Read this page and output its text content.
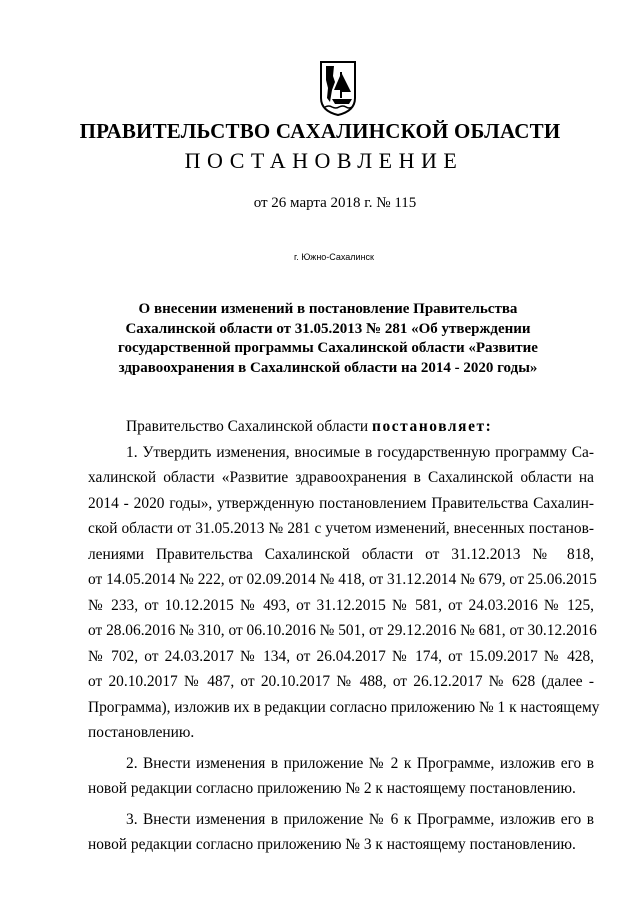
ПРАВИТЕЛЬСТВО САХАЛИНСКОЙ ОБЛАСТИ
ПОСТАНОВЛЕНИЕ
от 26 марта 2018 г. № 115
г. Южно-Сахалинск
О внесении изменений в постановление Правительства
Сахалинской области от 31.05.2013 № 281 «Об утверждении
государственной программы Сахалинской области «Развитие
здравоохранения в Сахалинской области на 2014 - 2020 годы»
Правительство Сахалинской области постановляет:
1. Утвердить изменения, вносимые в государственную программу Са-
халинской области «Развитие здравоохранения в Сахалинской области на
2014 - 2020 годы», утвержденную постановлением Правительства Сахалин-
ской области от 31.05.2013 № 281 с учетом изменений, внесенных постанов-
лениями Правительства Сахалинской области от 31.12.2013 № 818,
от 14.05.2014 № 222, от 02.09.2014 № 418, от 31.12.2014 № 679, от 25.06.2015
№ 233, от 10.12.2015 № 493, от 31.12.2015 № 581, от 24.03.2016 № 125,
от 28.06.2016 № 310, от 06.10.2016 № 501, от 29.12.2016 № 681, от 30.12.2016
№ 702, от 24.03.2017 № 134, от 26.04.2017 № 174, от 15.09.2017 № 428,
от 20.10.2017 № 487, от 20.10.2017 № 488, от 26.12.2017 № 628 (далее -
Программа), изложив их в редакции согласно приложению № 1 к настоящему
постановлению.
2. Внести изменения в приложение № 2 к Программе, изложив его в
новой редакции согласно приложению № 2 к настоящему постановлению.
3. Внести изменения в приложение № 6 к Программе, изложив его в
новой редакции согласно приложению № 3 к настоящему постановлению.
